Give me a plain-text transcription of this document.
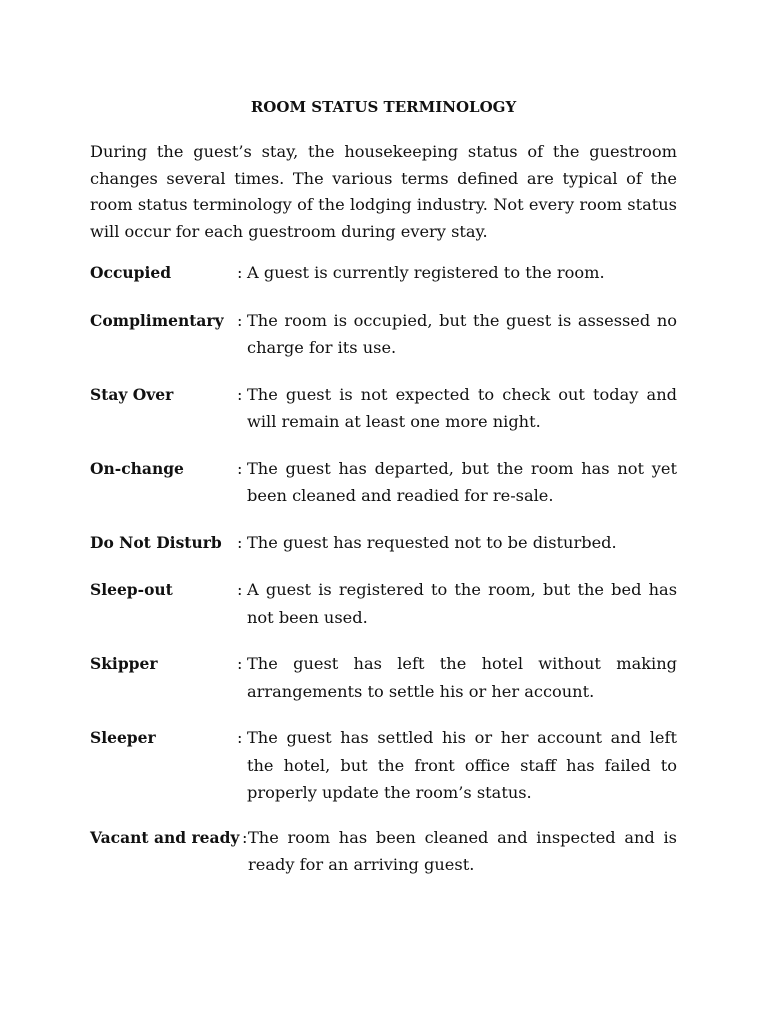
ROOM STATUS TERMINOLOGY

During the guest’s stay, the housekeeping status of the guestroom changes several times. The various terms defined are typical of the room status terminology of the lodging industry. Not every room status will occur for each guestroom during every stay.

Occupied	: A guest is currently registered to the room.
Complimentary : The room is occupied, but the guest is assessed no charge for its use.
Stay Over	: The guest is not expected to check out today and will remain at least one more night.
On-change	: The guest has departed, but the room has not yet been cleaned and readied for re-sale.
Do Not Disturb : The guest has requested not to be disturbed.
Sleep-out	: A guest is registered to the room, but the bed has not been used.
Skipper	: The guest has left the hotel without making arrangements to settle his or her account.
Sleeper	: The guest has settled his or her account and left the hotel, but the front office staff has failed to properly update the room’s status.
Vacant and ready : The room has been cleaned and inspected and is ready for an arriving guest.
